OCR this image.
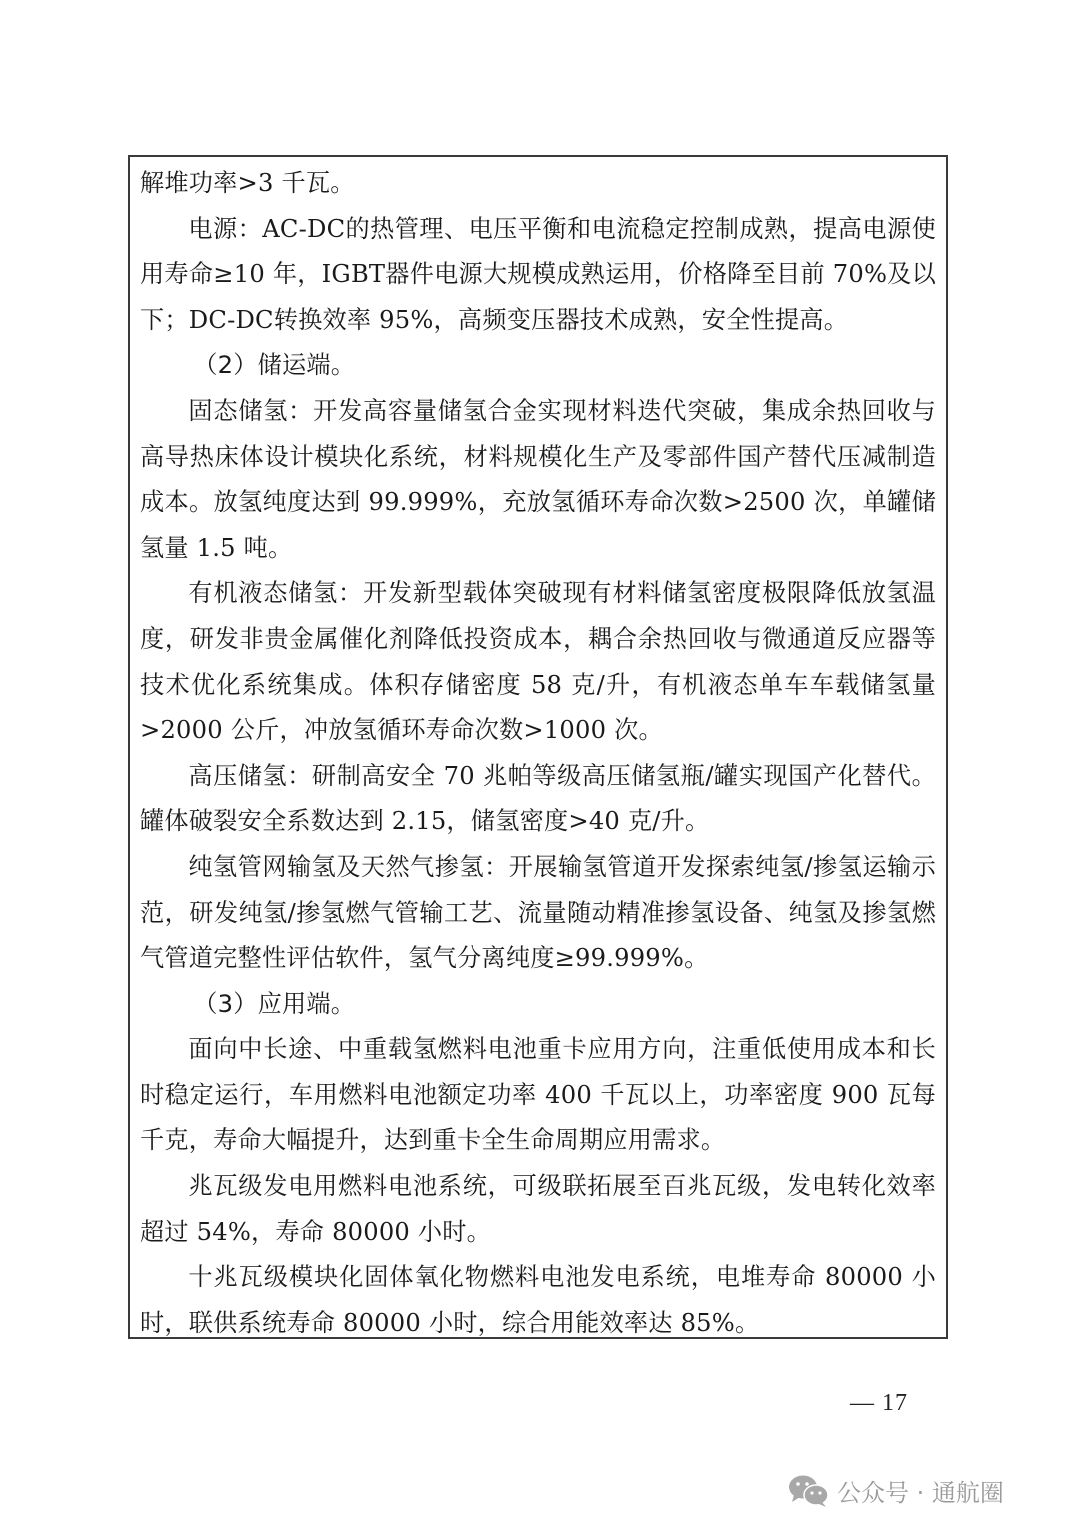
解堆功率>3 千瓦。

电源：AC-DC的热管理、电压平衡和电流稳定控制成熟，提高电源使用寿命≥10 年，IGBT器件电源大规模成熟运用，价格降至目前 70%及以下；DC-DC转换效率 95%，高频变压器技术成熟，安全性提高。

（2）储运端。

固态储氢：开发高容量储氢合金实现材料迭代突破，集成余热回收与高导热床体设计模块化系统，材料规模化生产及零部件国产替代压减制造成本。放氢纯度达到 99.999%，充放氢循环寿命次数>2500 次，单罐储氢量 1.5 吨。

有机液态储氢：开发新型载体突破现有材料储氢密度极限降低放氢温度，研发非贵金属催化剂降低投资成本，耦合余热回收与微通道反应器等技术优化系统集成。体积存储密度 58 克/升，有机液态单车车载储氢量>2000 公斤，冲放氢循环寿命次数>1000 次。

高压储氢：研制高安全 70 兆帕等级高压储氢瓶/罐实现国产化替代。罐体破裂安全系数达到 2.15，储氢密度>40 克/升。

纯氢管网输氢及天然气掺氢：开展输氢管道开发探索纯氢/掺氢运输示范，研发纯氢/掺氢燃气管输工艺、流量随动精准掺氢设备、纯氢及掺氢燃气管道完整性评估软件，氢气分离纯度≥99.999%。

（3）应用端。

面向中长途、中重载氢燃料电池重卡应用方向，注重低使用成本和长时稳定运行，车用燃料电池额定功率 400 千瓦以上，功率密度 900 瓦每千克，寿命大幅提升，达到重卡全生命周期应用需求。

兆瓦级发电用燃料电池系统，可级联拓展至百兆瓦级，发电转化效率超过 54%，寿命 80000 小时。

十兆瓦级模块化固体氧化物燃料电池发电系统，电堆寿命 80000 小时，联供系统寿命 80000 小时，综合用能效率达 85%。

— 17
公众号 · 通航圈
